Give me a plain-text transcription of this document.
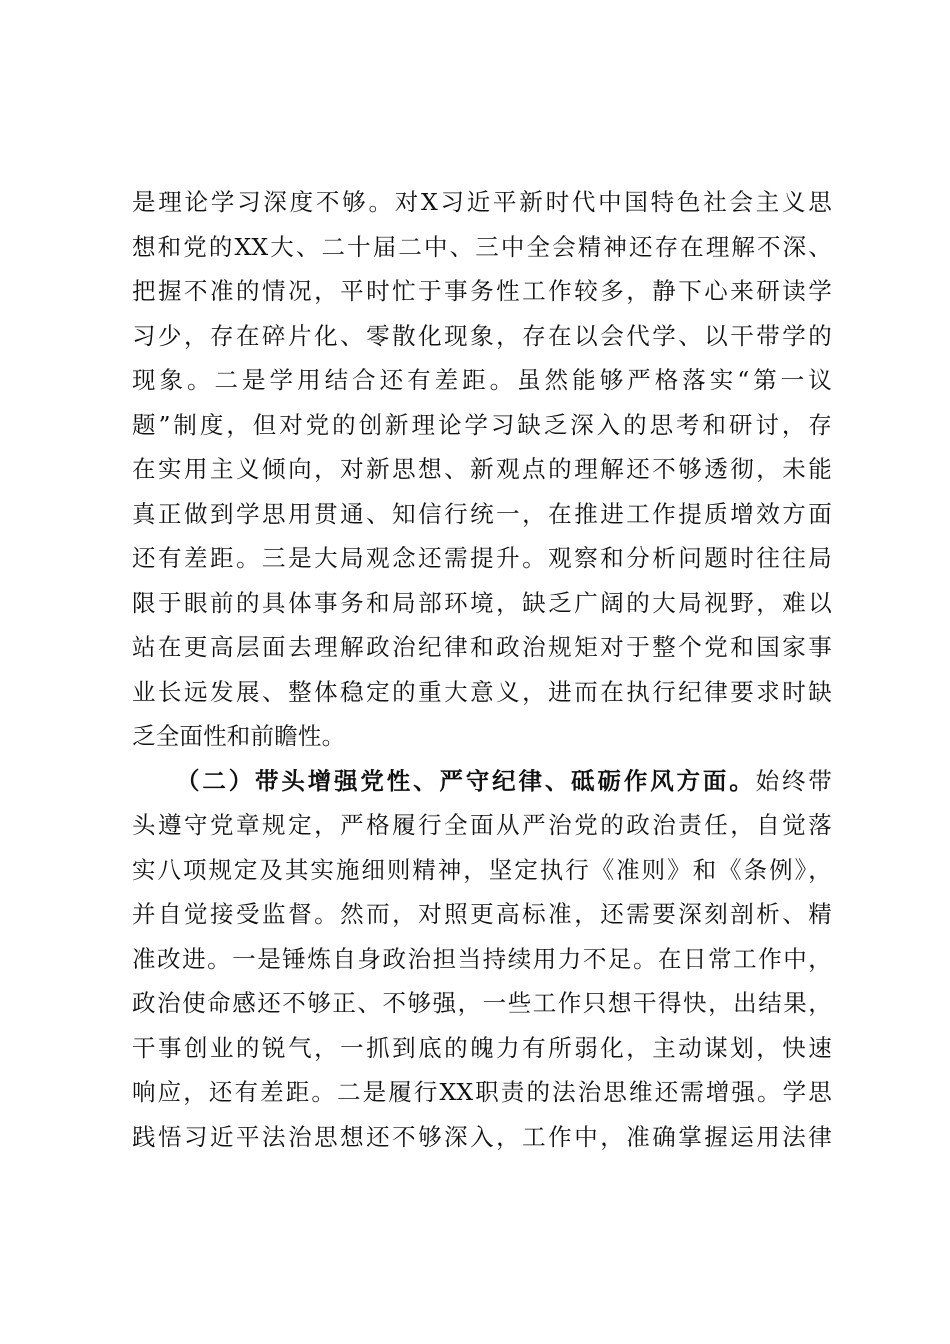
是理论学习深度不够。对X习近平新时代中国特色社会主义思
想和党的XX大、二十届二中、三中全会精神还存在理解不深、
把握不准的情况，平时忙于事务性工作较多，静下心来研读学
习少，存在碎片化、零散化现象，存在以会代学、以干带学的
现象。二是学用结合还有差距。虽然能够严格落实“第一议
题”制度，但对党的创新理论学习缺乏深入的思考和研讨，存
在实用主义倾向，对新思想、新观点的理解还不够透彻，未能
真正做到学思用贯通、知信行统一，在推进工作提质增效方面
还有差距。三是大局观念还需提升。观察和分析问题时往往局
限于眼前的具体事务和局部环境，缺乏广阔的大局视野，难以
站在更高层面去理解政治纪律和政治规矩对于整个党和国家事
业长远发展、整体稳定的重大意义，进而在执行纪律要求时缺
乏全面性和前瞻性。
（二）带头增强党性、严守纪律、砥砺作风方面。始终带
头遵守党章规定，严格履行全面从严治党的政治责任，自觉落
实八项规定及其实施细则精神，坚定执行《准则》和《条例》，
并自觉接受监督。然而，对照更高标准，还需要深刻剖析、精
准改进。一是锤炼自身政治担当持续用力不足。在日常工作中，
政治使命感还不够正、不够强，一些工作只想干得快，出结果，
干事创业的锐气，一抓到底的魄力有所弱化，主动谋划，快速
响应，还有差距。二是履行XX职责的法治思维还需增强。学思
践悟习近平法治思想还不够深入，工作中，准确掌握运用法律
